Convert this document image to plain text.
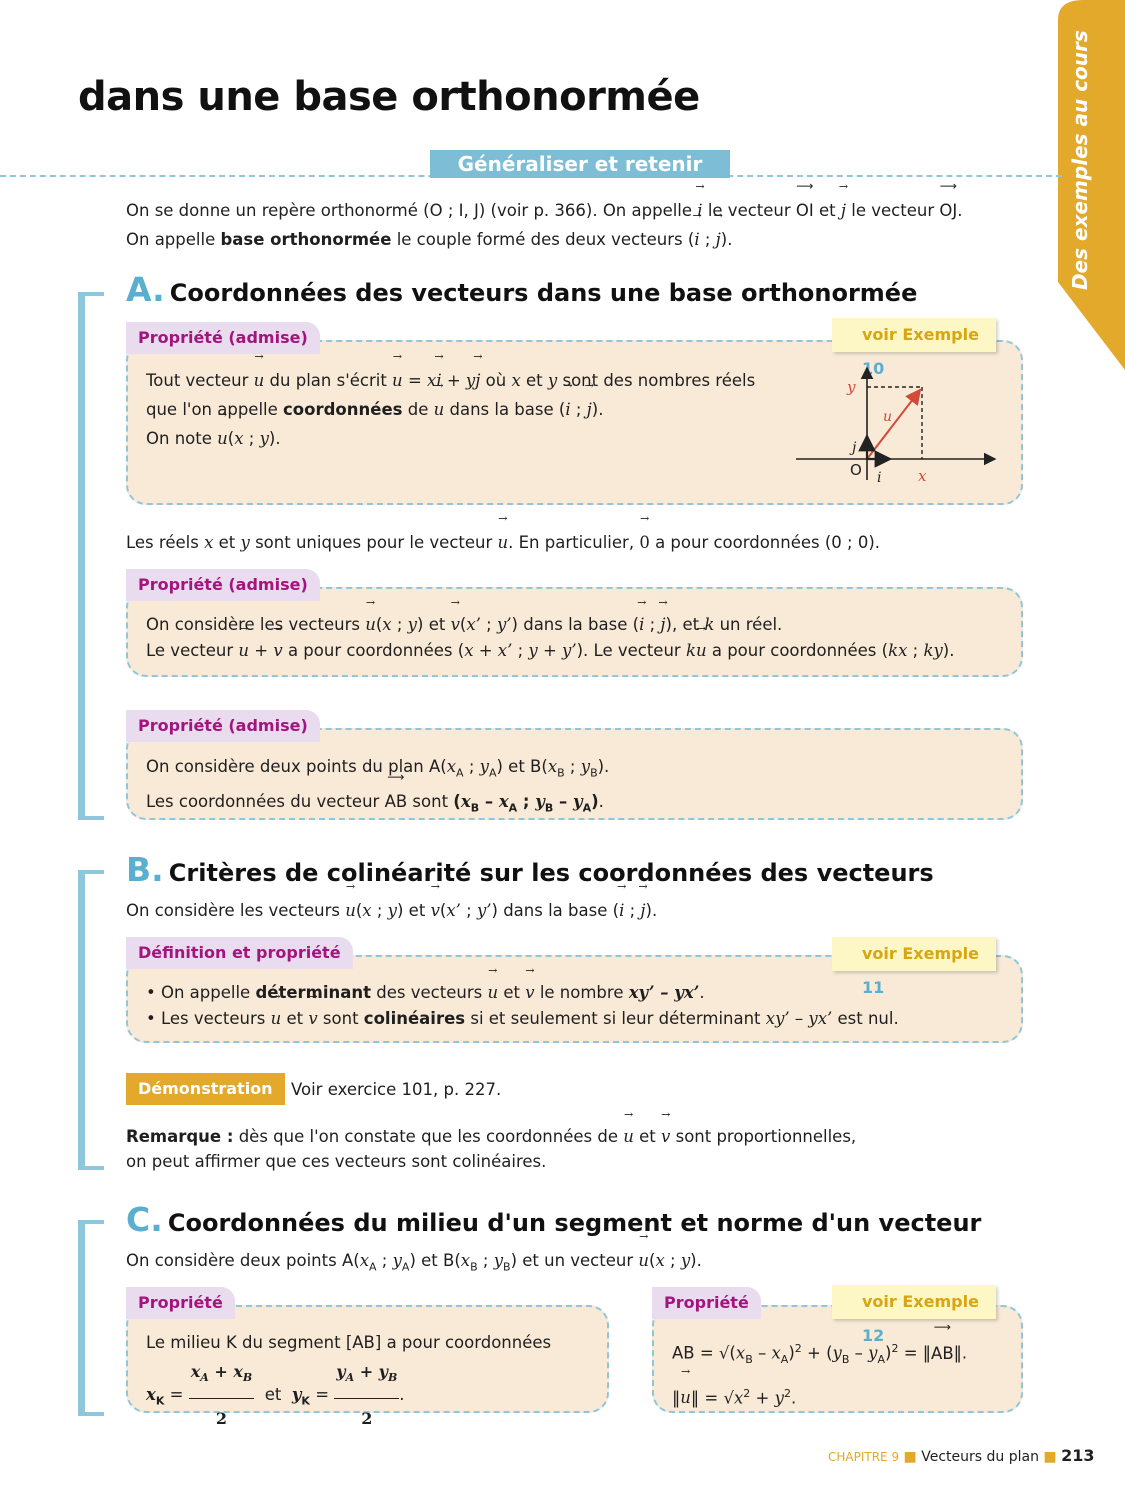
dans une base orthonormée	Des exemples au cours
Généraliser et retenir
On se donne un repère orthonormé (O ; I, J) (voir p. 366). On appelle i → le vecteur OI ⟶ et j → le vecteur OJ ⟶.
On appelle base orthonormée le couple formé des deux vecteurs (i → ; j →).
A. Coordonnées des vecteurs dans une base orthonormée
Propriété (admise)	voir Exemple 10
Tout vecteur u → du plan s'écrit u → = xi → + yj → où x et y sont des nombres réels
que l'on appelle coordonnées de u → dans la base (i → ; j →).
On note u →(x ; y).
y
x
u
O i
j
Les réels x et y sont uniques pour le vecteur u →. En particulier, 0 → a pour coordonnées (0 ; 0).
Propriété (admise)
On considère les vecteurs u →(x ; y) et v →(x’ ; y’) dans la base (i → ; j →), et k un réel.
Le vecteur u → + v → a pour coordonnées (x + x’ ; y + y’). Le vecteur ku → a pour coordonnées (kx ; ky).
Propriété (admise)
On considère deux points du plan $A(x_A$ ; $y_A$) et $B(x_B$ ; $y_B$).
Les coordonnées du vecteur AB ⟶ sont ($x_B - x_A$ ; $y_B - y_A$).
B. Critères de colinéarité sur les coordonnées des vecteurs
On considère les vecteurs u →(x ; y) et v →(x’ ; y’) dans la base (i → ; j →).
Définition et propriété	voir Exemple 11
• On appelle déterminant des vecteurs u → et v → le nombre xy’ – yx’.
• Les vecteurs u → et v → sont colinéaires si et seulement si leur déterminant xy’ – yx’ est nul.
Démonstration	Voir exercice 101, p. 227.
Remarque : dès que l'on constate que les coordonnées de u → et v → sont proportionnelles,
on peut affirmer que ces vecteurs sont colinéaires.
C. Coordonnées du milieu d'un segment et norme d'un vecteur
On considère deux points $A(x_A$ ; $y_A$) et $B(x_B$ ; $y_B$) et un vecteur u →(x ; y).
Propriété
Le milieu K du segment [AB] a pour coordonnées
$x_K = \frac{x_A + x_B}{2}$ et $y_K = \frac{y_A + y_B}{2}$ .
Propriété	voir Exemple 12
AB = $√(x_B - x_A)^2 + (y_B - y_A)^2$ = ‖AB ⟶‖.
‖u →‖ = $√x^2 + y^2$.
CHAPITRE 9 ■ Vecteurs du plan ■ 213
